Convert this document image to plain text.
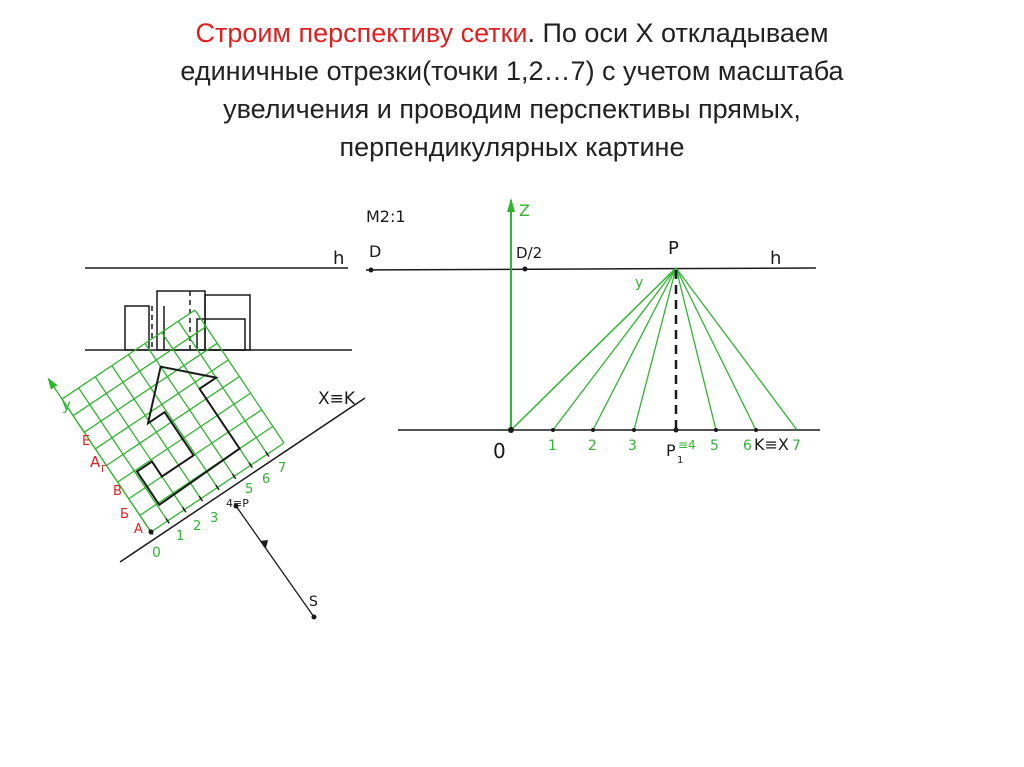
Строим перспективу сетки. По оси X откладываем
единичные отрезки(точки 1,2…7) с учетом масштаба
увеличения и проводим перспективы прямых,
перпендикулярных картине
M2:1	Z
D	D/2	P	h
y
0	1 2 3 P
1
≡4 5 6 K≡X 7
h
X≡K
y
E
А Г
B
Б
A
0
1
2
3
4≡P
5
6
7
S
